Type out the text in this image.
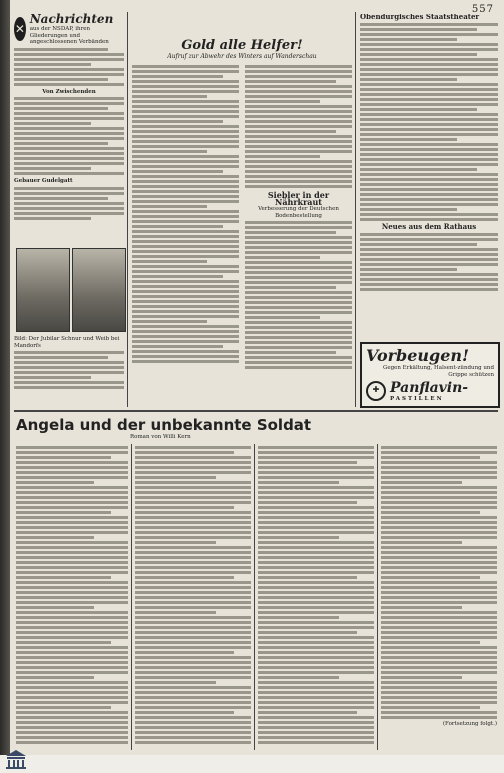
557
✕
Nachrichten
aus der NSDAP, ihren Gliederungen und angeschlossenen Verbänden
Von Zwischenden
Gebauer Gudelgatt
Bild: Der Jubilar Schnur und Weib bei Mandorfs
Gold alle Helfer!
Aufruf zur Abwehr des Winters auf Wanderschau
Siebler in der Nährkraut
Verbesserung der Deutschen Bodenbestellung
Obendurgisches Staatstheater
Neues aus dem Rathaus
Vorbeugen!
Gegen Erkältung, Halsent-zündung und Grippe schützen
✚ Panflavin-
PASTILLEN
Angela und der unbekannte Soldat
Roman von Willi Kern
(Fortsetzung folgt.)
